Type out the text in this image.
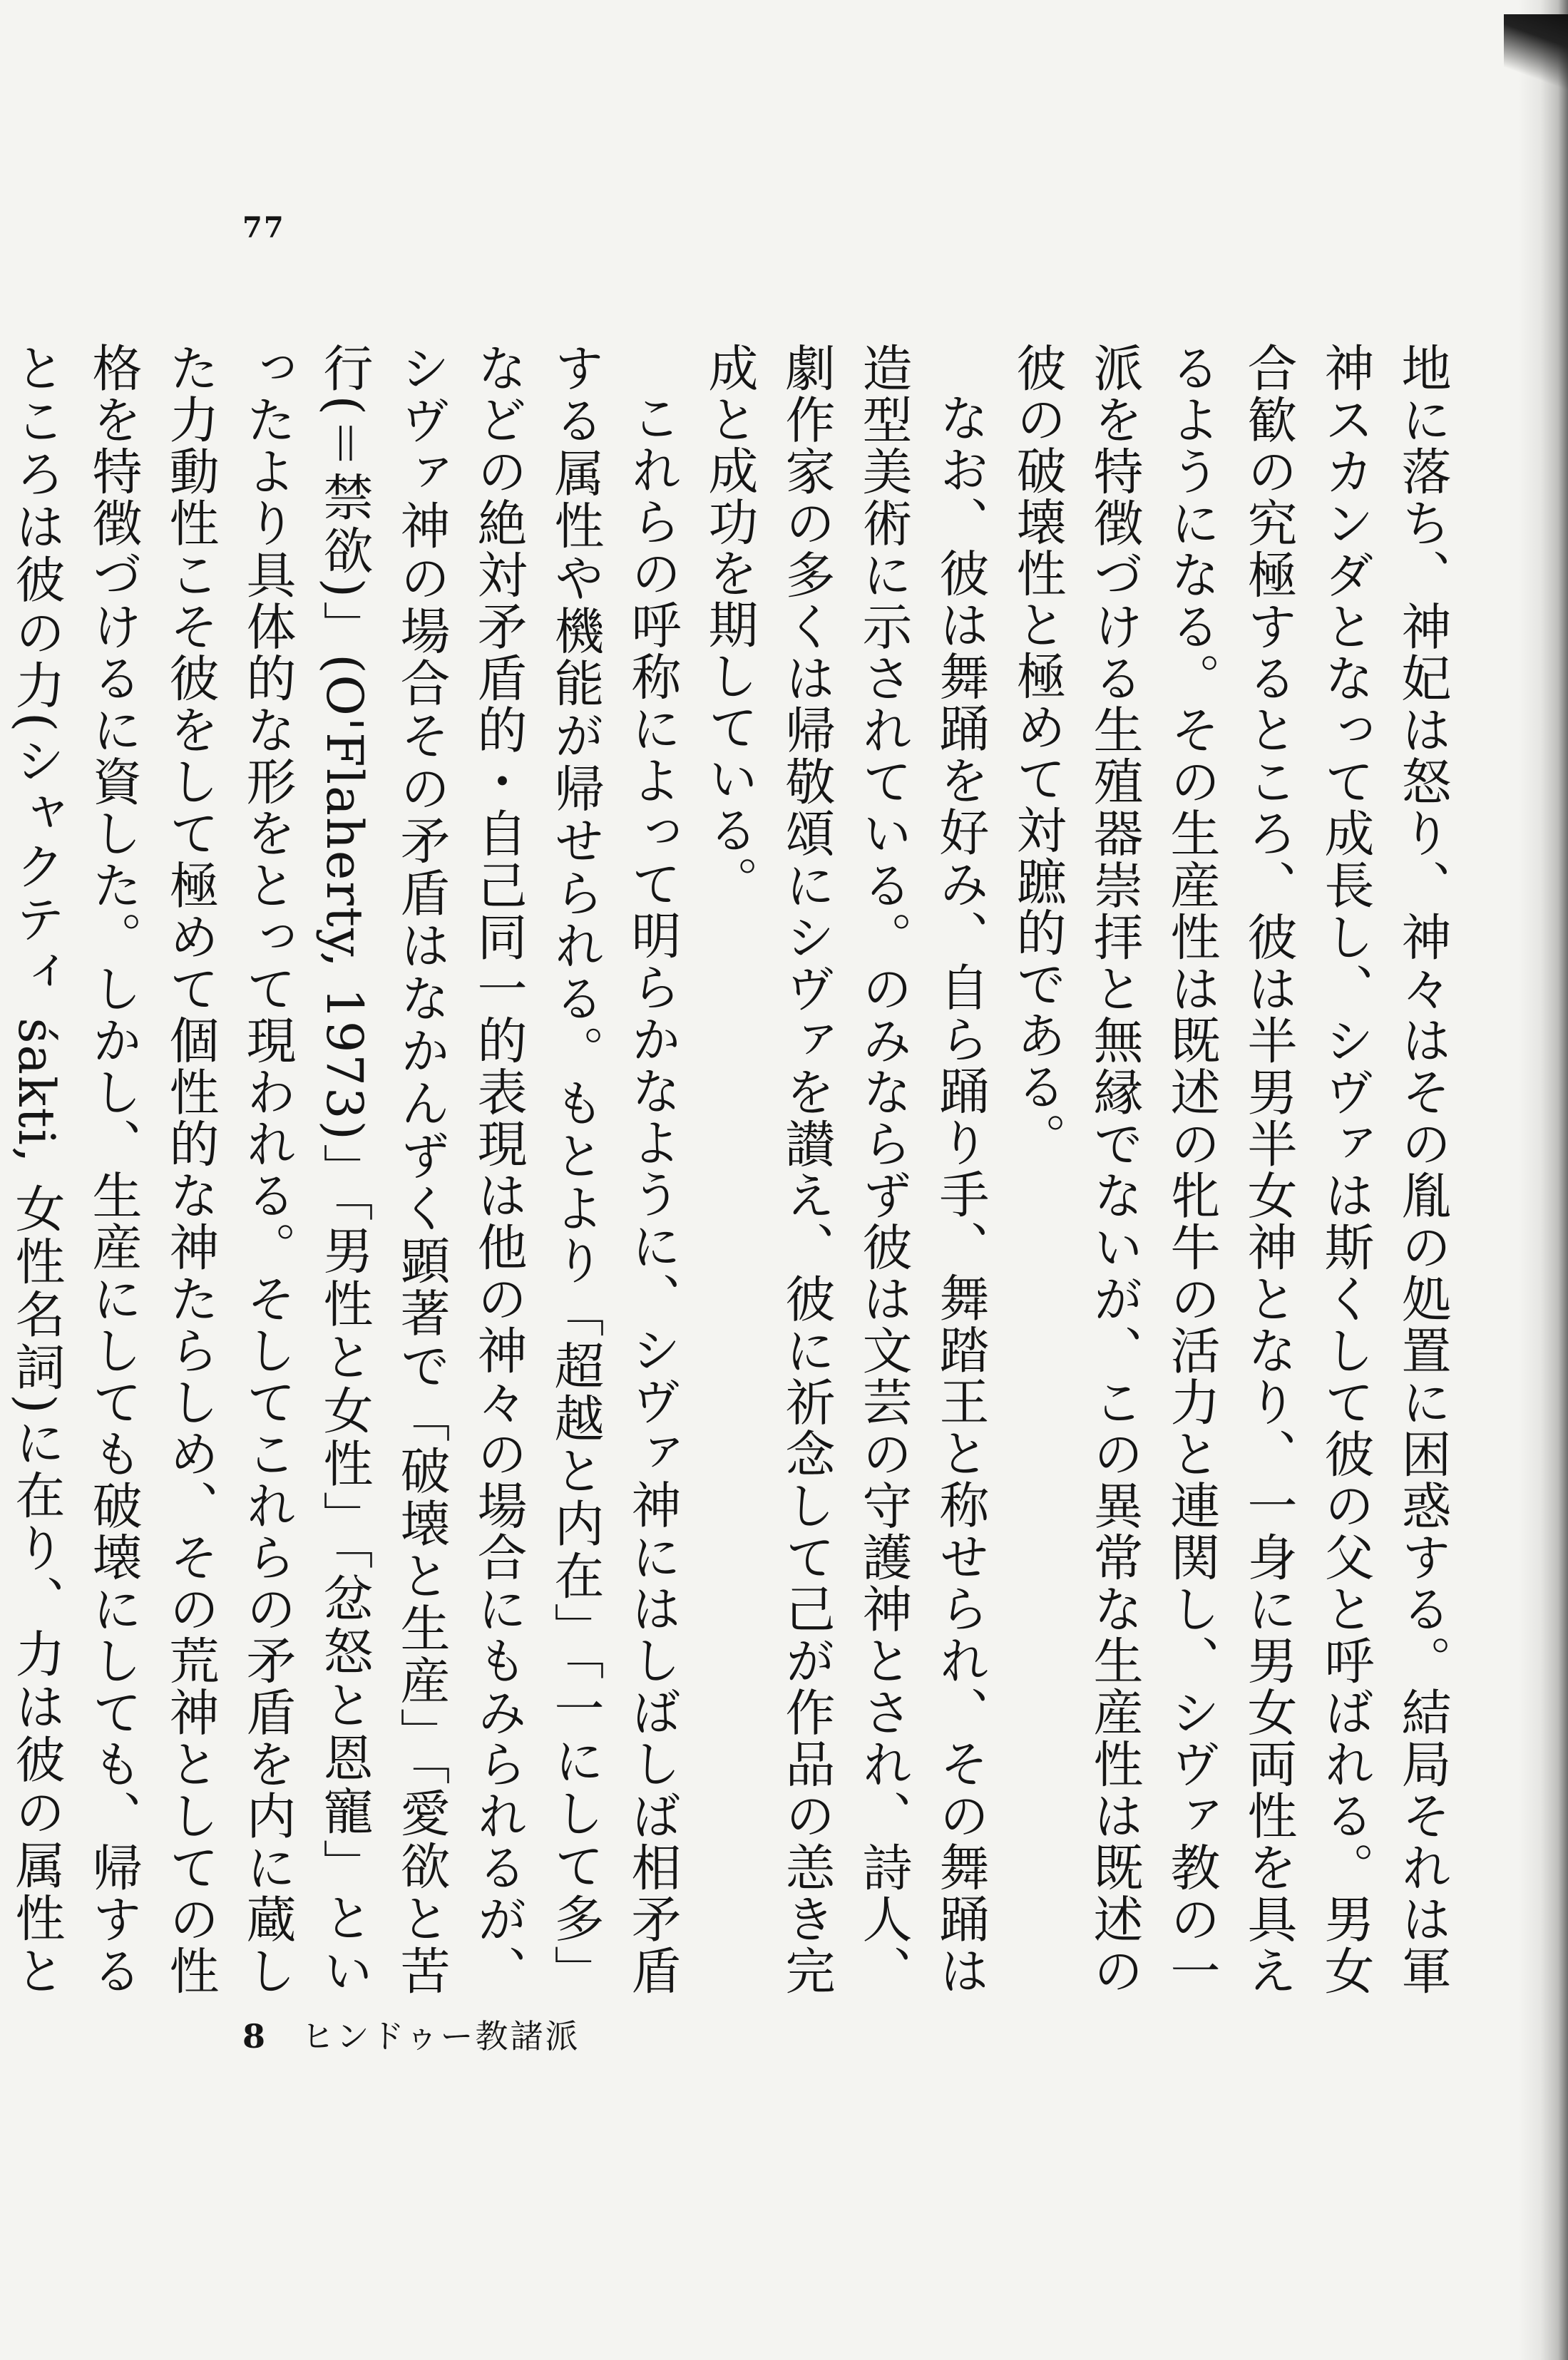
77

地に落ち、神妃は怒り、神々はその胤の処置に困惑する。結局それは軍神スカンダとなって成長し、シヴァは斯くして彼の父と呼ばれる。男女合歓の究極するところ、彼は半男半女神となり、一身に男女両性を具えるようになる。その生産性は既述の牝牛の活力と連関し、シヴァ教の一派を特徴づける生殖器崇拝と無縁でないが、この異常な生産性は既述の彼の破壊性と極めて対蹠的である。

なお、彼は舞踊を好み、自ら踊り手、舞踏王と称せられ、その舞踊は造型美術に示されている。のみならず彼は文芸の守護神とされ、詩人、劇作家の多くは帰敬頌にシヴァを讃え、彼に祈念して己が作品の恙き完成と成功を期している。

これらの呼称によって明らかなように、シヴァ神にはしばしば相矛盾する属性や機能が帰せられる。もとより「超越と内在」「一にして多」などの絶対矛盾的・自己同一的表現は他の神々の場合にもみられるが、シヴァ神の場合その矛盾はなかんずく顕著で「破壊と生産」「愛欲と苦行(＝禁欲)」(O'Flaherty, 1973)」「男性と女性」「忿怒と恩寵」といったより具体的な形をとって現われる。そしてこれらの矛盾を内に蔵した力動性こそ彼をして極めて個性的な神たらしめ、その荒神としての性格を特徴づけるに資した。しかし、生産にしても破壊にしても、帰するところは彼の力(シャクティ śakti, 女性名詞)に在り、力は彼の属性と

8 ヒンドゥー教諸派
